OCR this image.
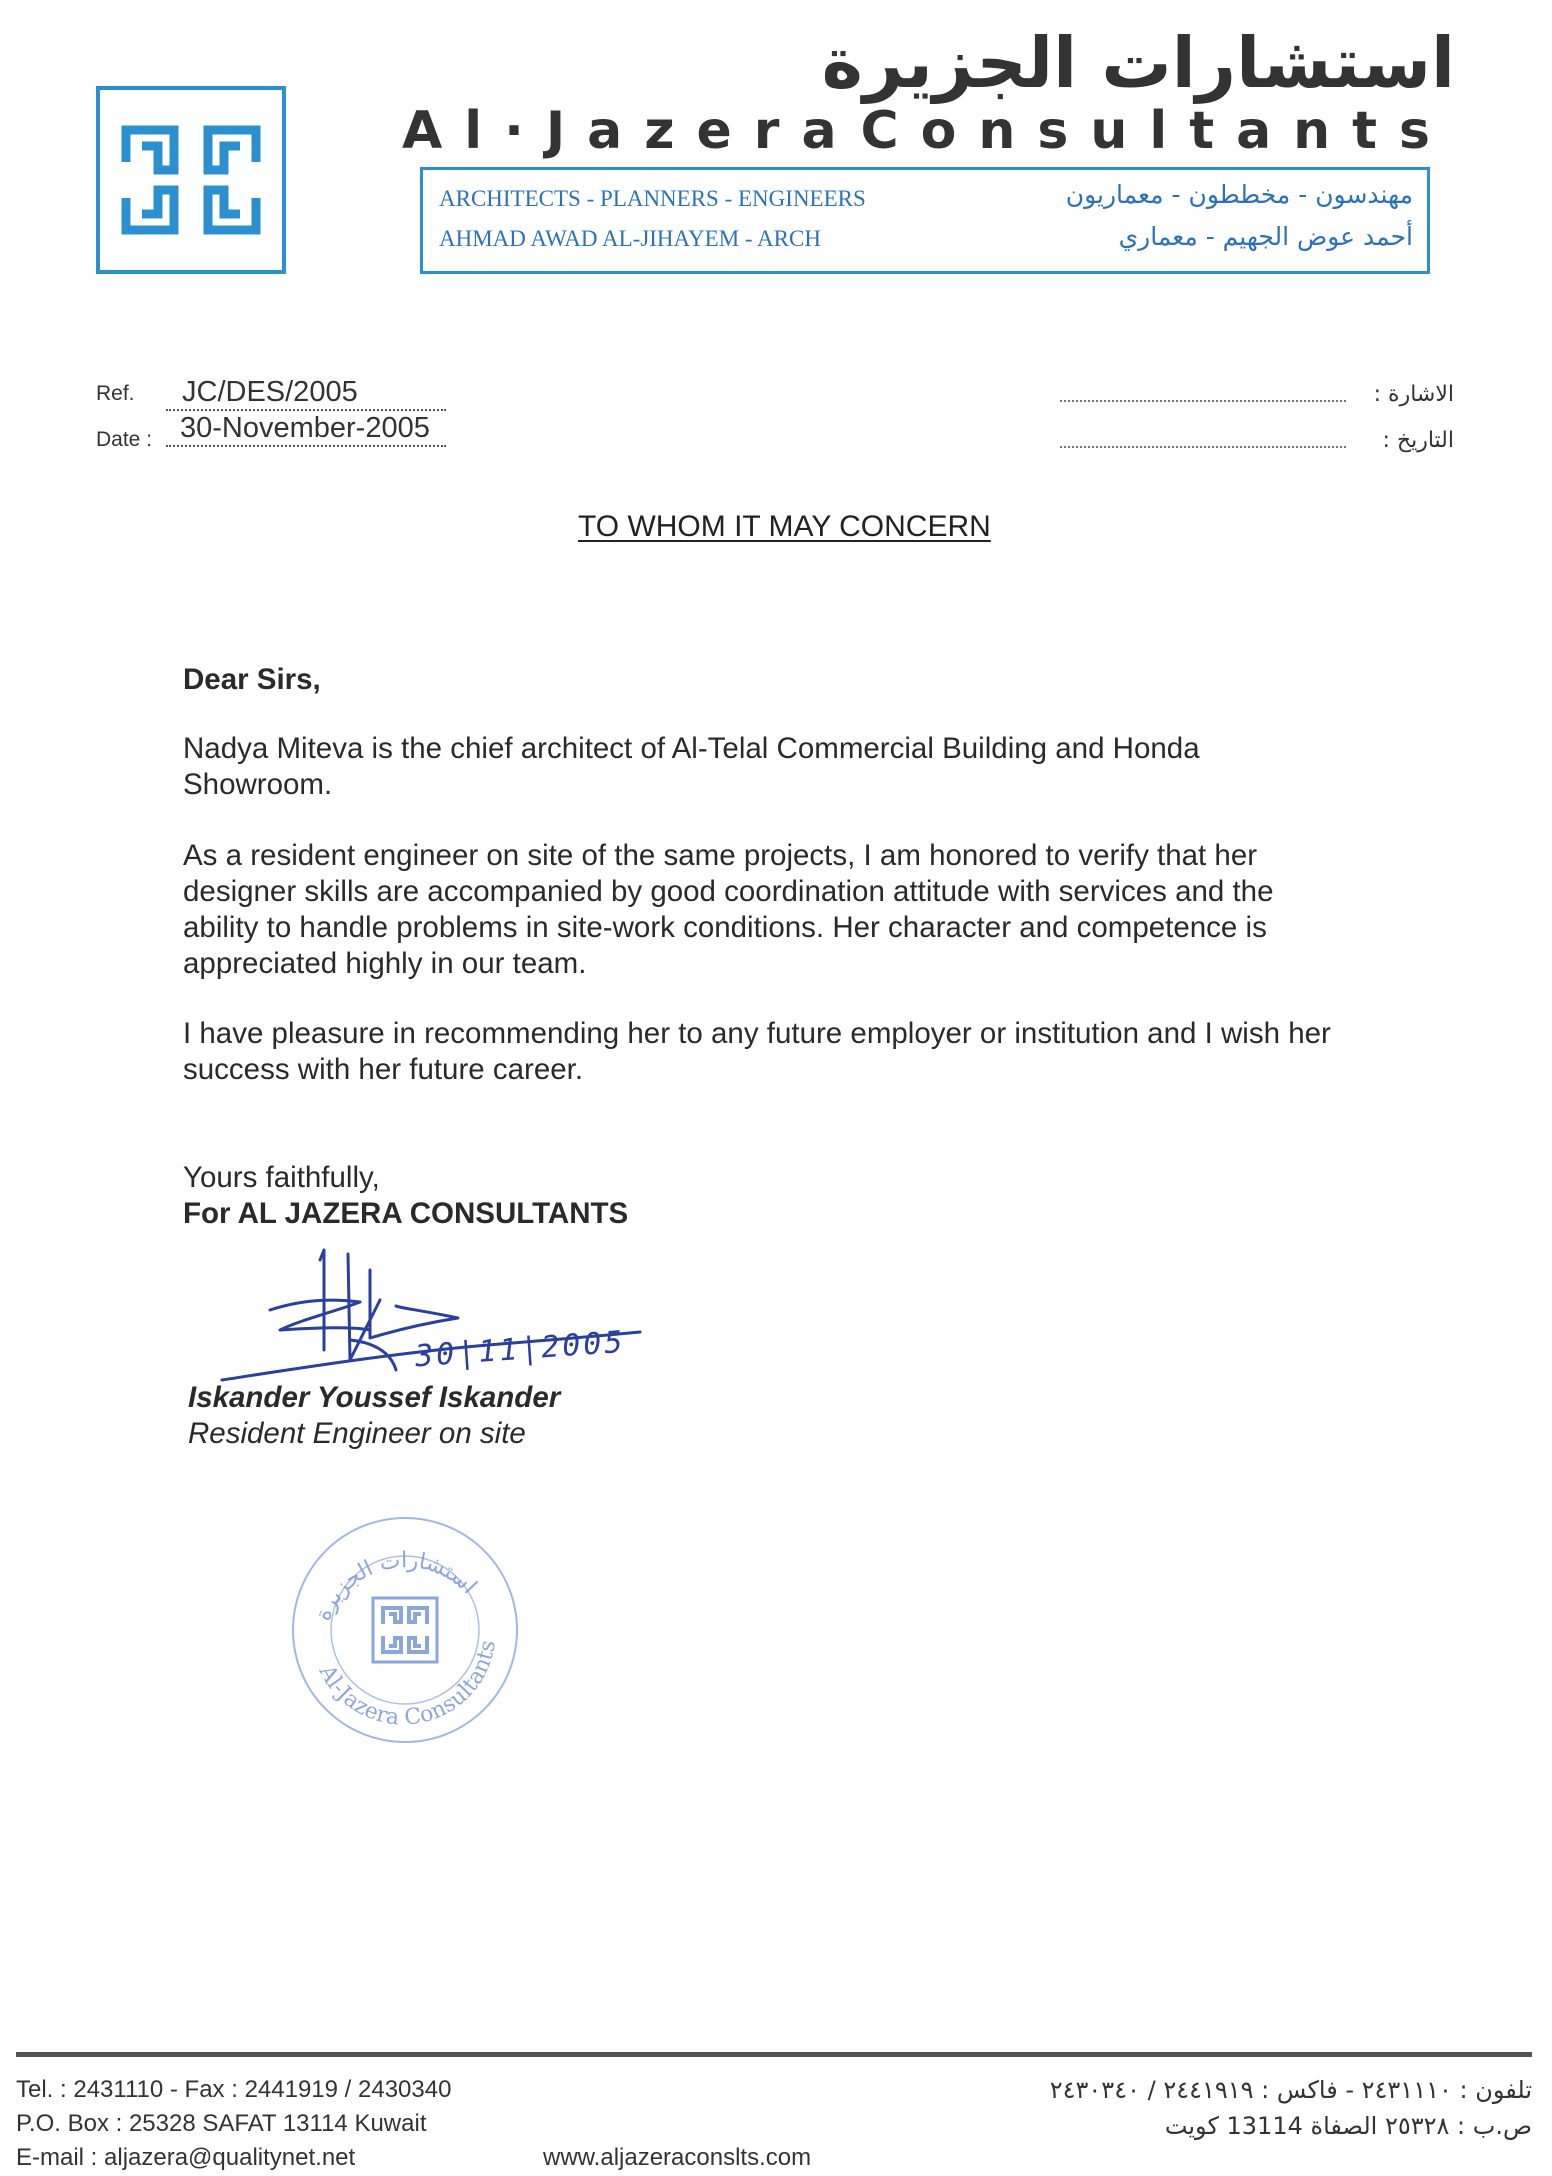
استشارات الجزيرة
Al·Jazera Consultants
ARCHITECTS - PLANNERS - ENGINEERS
AHMAD AWAD AL-JIHAYEM - ARCH
مهندسون - مخططون - معماريون
أحمد عوض الجهيم - معماري
Ref.	JC/DES/2005
Date : 30-November-2005
الاشارة :
التاريخ :
TO WHOM IT MAY CONCERN
Dear Sirs,
Nadya Miteva is the chief architect of Al-Telal Commercial Building and Honda
Showroom.
As a resident engineer on site of the same projects, I am honored to verify that her
designer skills are accompanied by good coordination attitude with services and the
ability to handle problems in site-work conditions. Her character and competence is
appreciated highly in our team.
I have pleasure in recommending her to any future employer or institution and I wish her
success with her future career.
Yours faithfully,
For AL JAZERA CONSULTANTS
30|11|2005
Iskander Youssef Iskander
Resident Engineer on site
استشارات الجزيرة
Al-Jazera Consultants
Tel. : 2431110 - Fax : 2441919 / 2430340
P.O. Box : 25328 SAFAT 13114 Kuwait
E-mail : aljazera@qualitynet.net	www.aljazeraconslts.com
تلفون : ٢٤٣١١١٠ - فاكس : ٢٤٤١٩١٩ / ٢٤٣٠٣٤٠
ص.ب : ٢٥٣٢٨ الصفاة 13114 كويت
